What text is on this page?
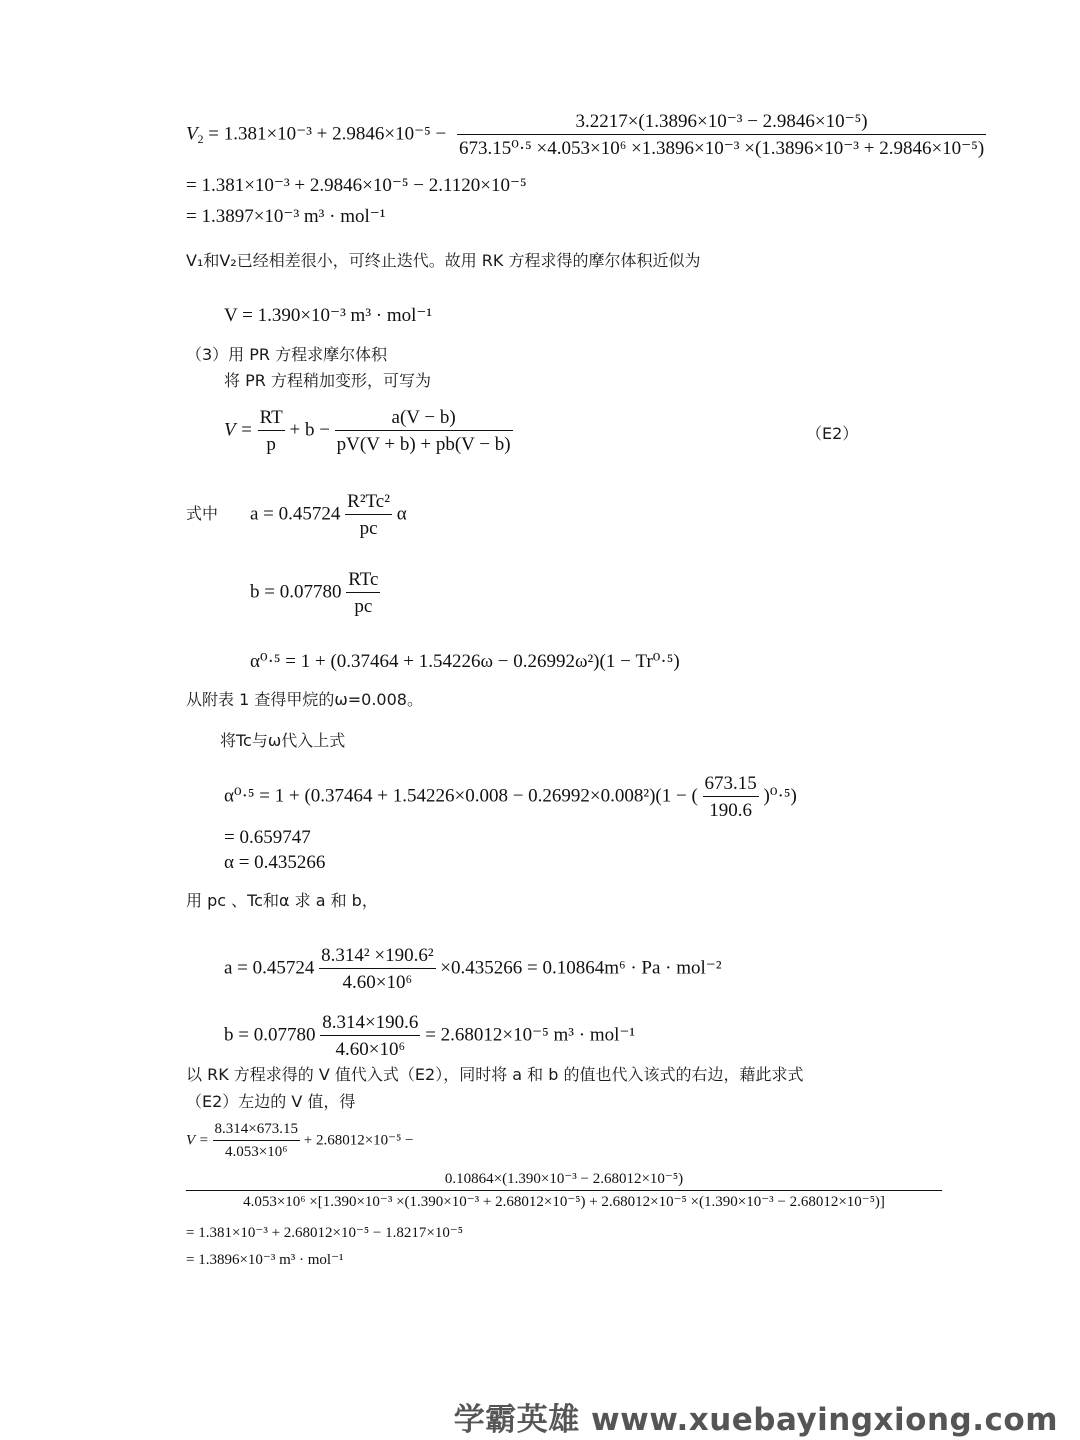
$V_2 = 1.381\times 10^{-3} + 2.9846\times 10^{-5}$ −
3.2217×(1.3896×10⁻³ − 2.9846×10⁻⁵)
673.15⁰·⁵ ×4.053×10⁶ ×1.3896×10⁻³ ×(1.3896×10⁻³ + 2.9846×10⁻⁵)
= 1.381×10⁻³ + 2.9846×10⁻⁵ − 2.1120×10⁻⁵
= 1.3897×10⁻³ m³ · mol⁻¹
V₁和V₂已经相差很小，可终止迭代。故用 RK 方程求得的摩尔体积近似为
V = 1.390×10⁻³ m³ · mol⁻¹
（3）用 PR 方程求摩尔体积
将 PR 方程稍加变形，可写为
$V = \frac{RT}{p} + b - \frac{a(V - b)}{pV(V + b) + pb(V - b)}$	（E2）
式中 $a = 0.45724 \frac{\text{R²Tc²}}{pc}$ α
$b = 0.07780 \frac{\text{RTc}}{pc}$
α⁰·⁵ = 1 + (0.37464 + 1.54226ω − 0.26992ω²)(1 − Tr⁰·⁵)
从附表 1 查得甲烷的ω=0.008。
将Tc与ω代入上式
α⁰·⁵ = 1 + (0.37464 + 1.54226×0.008 − 0.26992×0.008²)(1 − ( $\frac{673.15}{190.6} )^0\cdot^5$)
= 0.659747
α = 0.435266
用 pc 、Tc和α 求 a 和 b，
$a = 0.45724 \frac{\text{8.314² ×190.6²}}{\text{4.60×10⁶}} \times 0.435266 = 0.10864m^6 \cdot Pa \cdot mol^{-2}$
$b = 0.07780 \frac{8.314\times 190.6}{\text{4.60×10⁶}} = 2.68012\times 10^{-5}$ m³ · mol⁻¹
以 RK 方程求得的 V 值代入式（E2），同时将 a 和 b 的值也代入该式的右边，藉此求式
（E2）左边的 V 值，得
$V = \frac{8.314\times 673.15}{\text{4.053×10⁶}} + 2.68012\times 10^{-5}$ −
0.10864×(1.390×10⁻³ − 2.68012×10⁻⁵)
4.053×10⁶ ×[1.390×10⁻³ ×(1.390×10⁻³ + 2.68012×10⁻⁵) + 2.68012×10⁻⁵ ×(1.390×10⁻³ − 2.68012×10⁻⁵)]
= 1.381×10⁻³ + 2.68012×10⁻⁵ − 1.8217×10⁻⁵
= 1.3896×10⁻³ m³ · mol⁻¹
学霸英雄 www.xuebayingxiong.com
